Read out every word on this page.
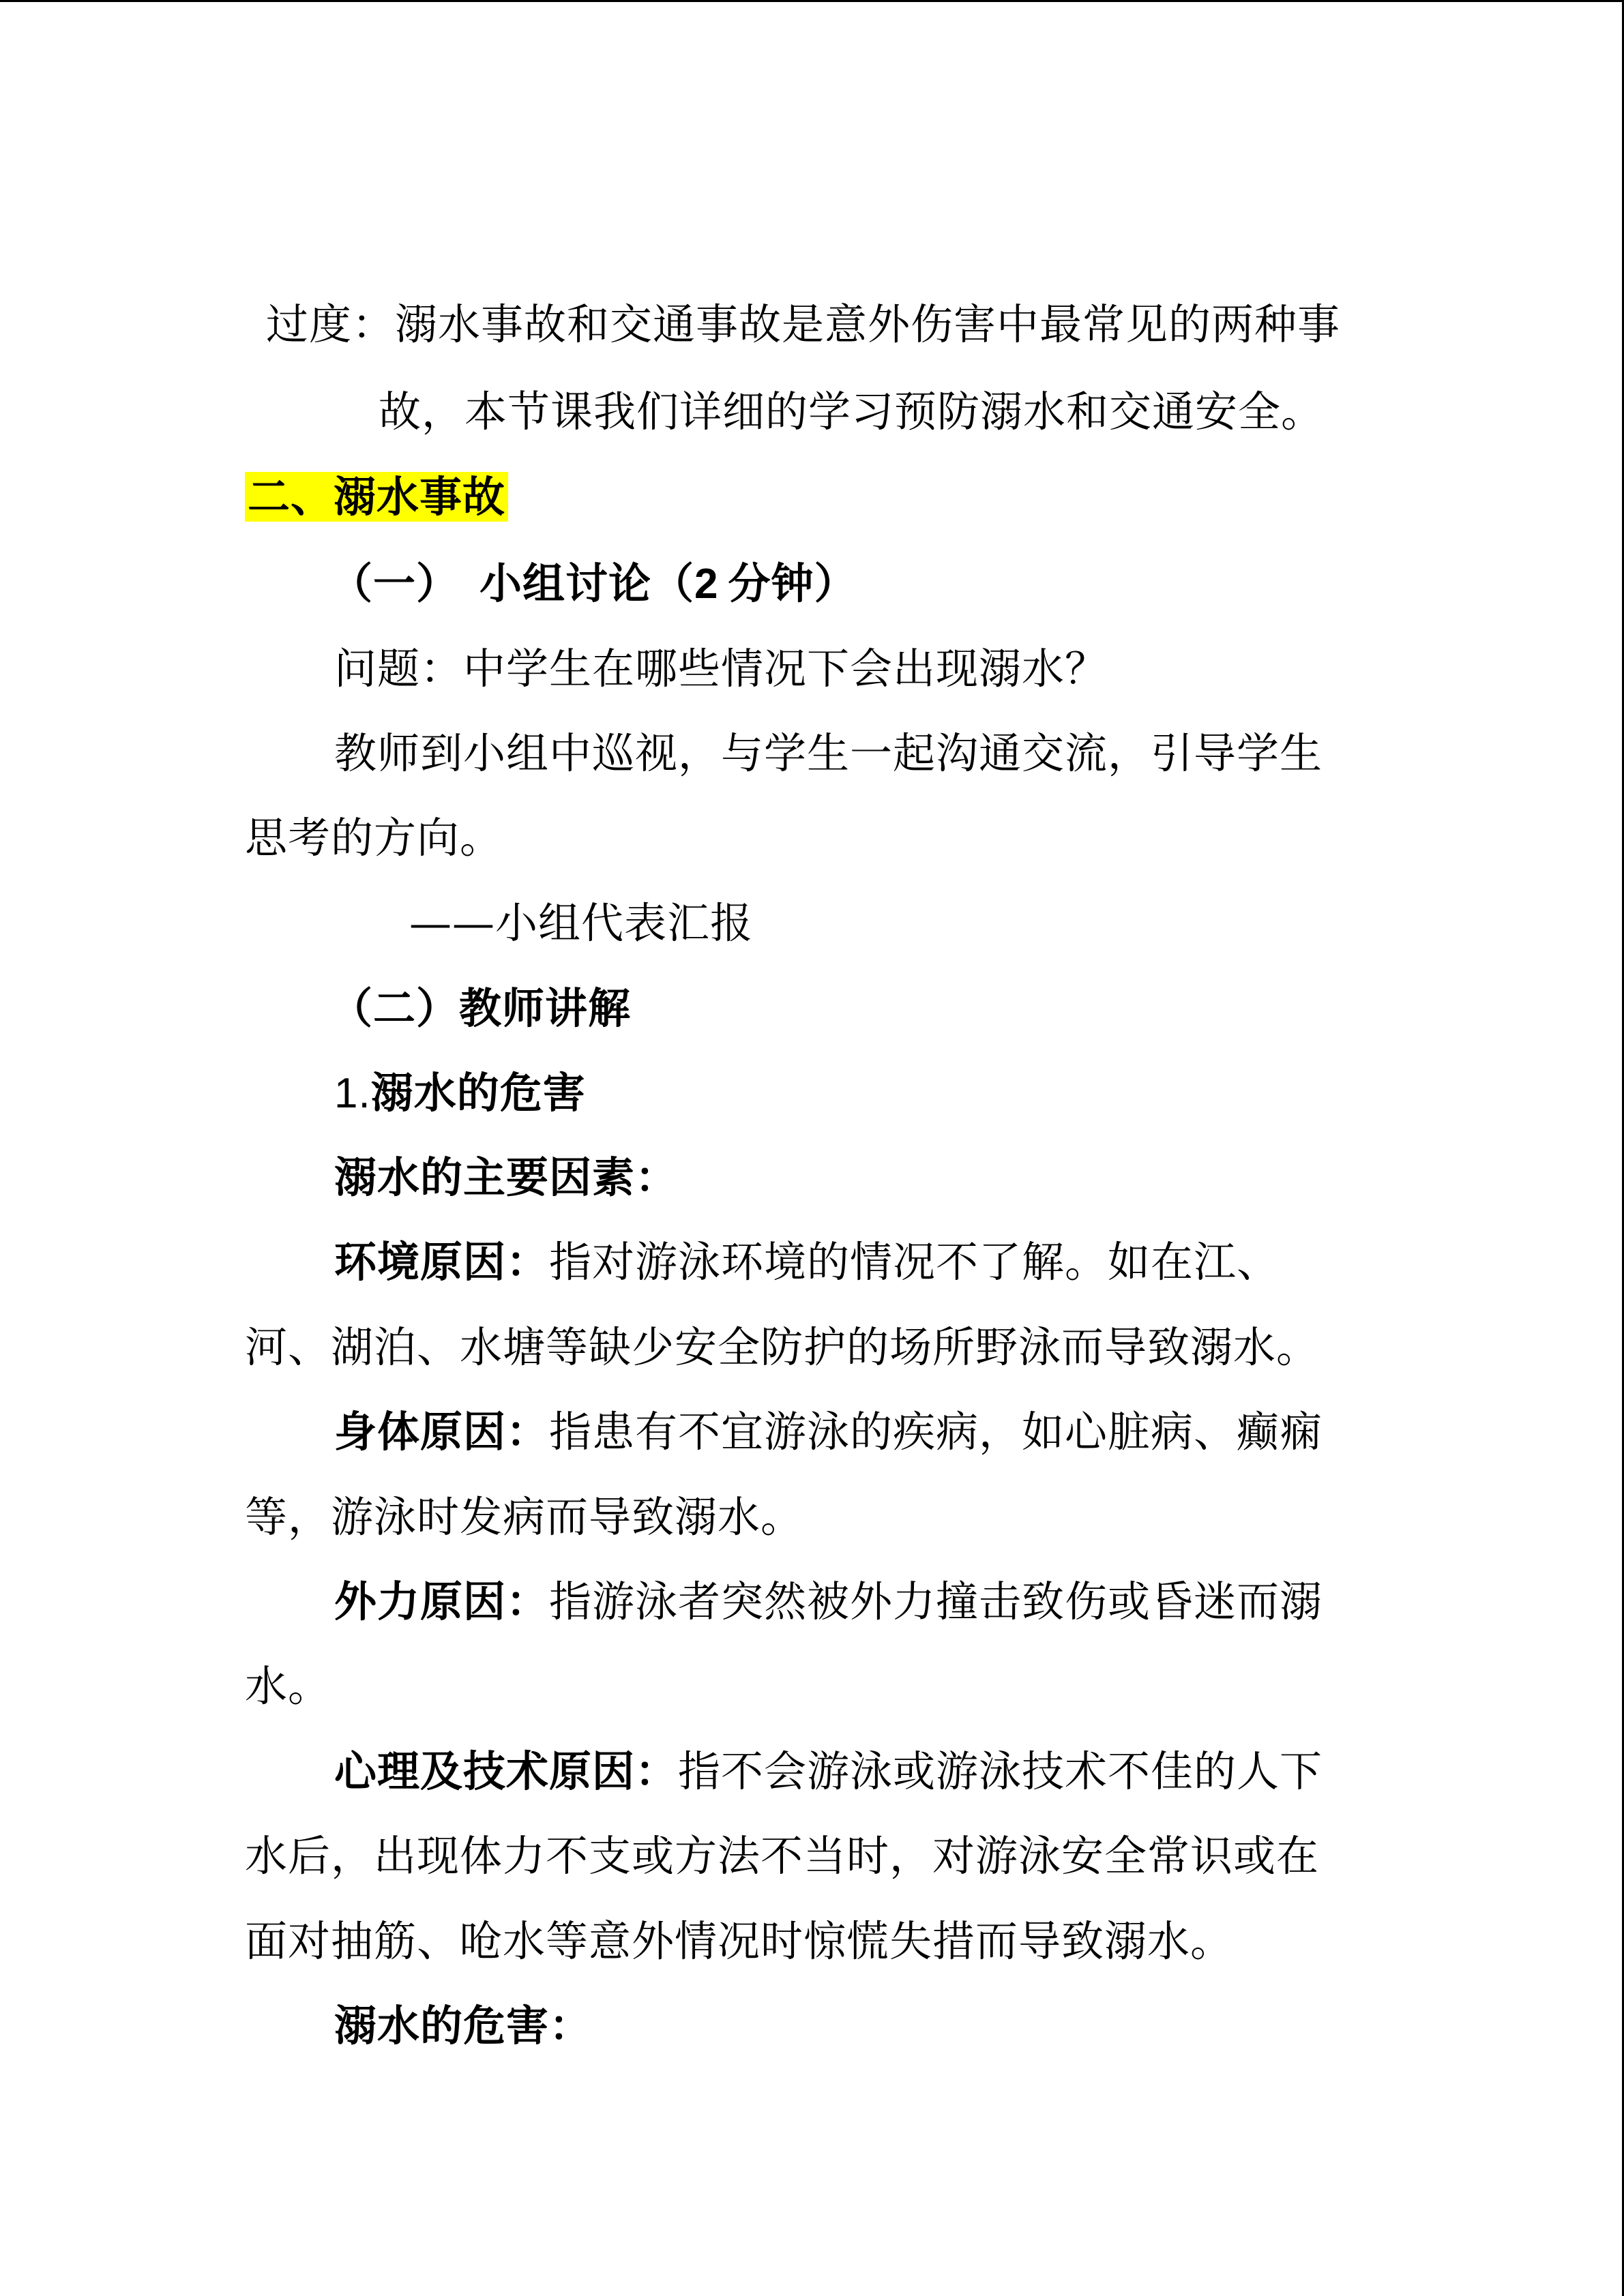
过度：溺水事故和交通事故是意外伤害中最常见的两种事
故，本节课我们详细的学习预防溺水和交通安全。
二、溺水事故
（一） 小组讨论（2 分钟）
问题：中学生在哪些情况下会出现溺水？
教师到小组中巡视，与学生一起沟通交流，引导学生
思考的方向。
——小组代表汇报
（二）教师讲解
1.溺水的危害
溺水的主要因素：
环境原因：指对游泳环境的情况不了解。如在江、
河、湖泊、水塘等缺少安全防护的场所野泳而导致溺水。
身体原因：指患有不宜游泳的疾病，如心脏病、癫痫
等，游泳时发病而导致溺水。
外力原因：指游泳者突然被外力撞击致伤或昏迷而溺
水。
心理及技术原因：指不会游泳或游泳技术不佳的人下
水后，出现体力不支或方法不当时，对游泳安全常识或在
面对抽筋、呛水等意外情况时惊慌失措而导致溺水。
溺水的危害：
